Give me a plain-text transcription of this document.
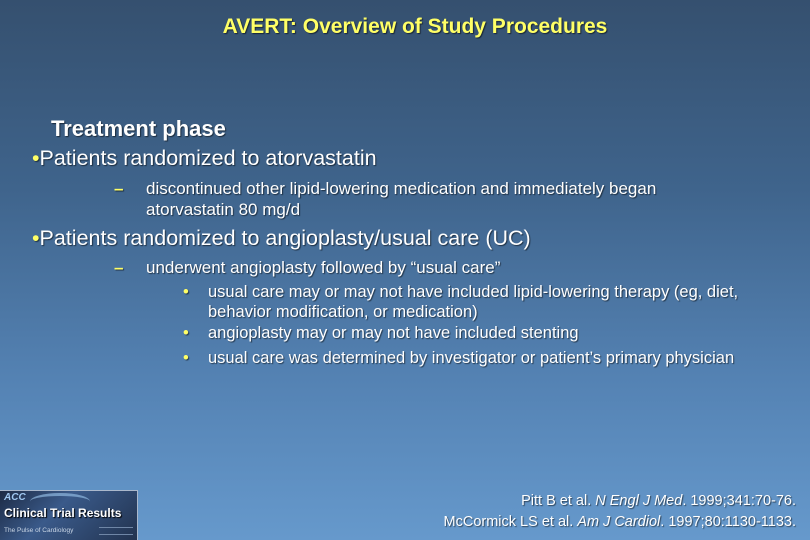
AVERT: Overview of Study Procedures
Treatment phase
•Patients randomized to atorvastatin
– discontinued other lipid-lowering medication and immediately began atorvastatin 80 mg/d
•Patients randomized to angioplasty/usual care (UC)
– underwent angioplasty followed by “usual care”
• usual care may or may not have included lipid-lowering therapy (eg, diet, behavior modification, or medication)
• angioplasty may or may not have included stenting
• usual care was determined by investigator or patient’s primary physician
Pitt B et al. N Engl J Med. 1999;341:70-76.
McCormick LS et al. Am J Cardiol. 1997;80:1130-1133.
ACC
Clinical Trial Results
The Pulse of Cardiology
